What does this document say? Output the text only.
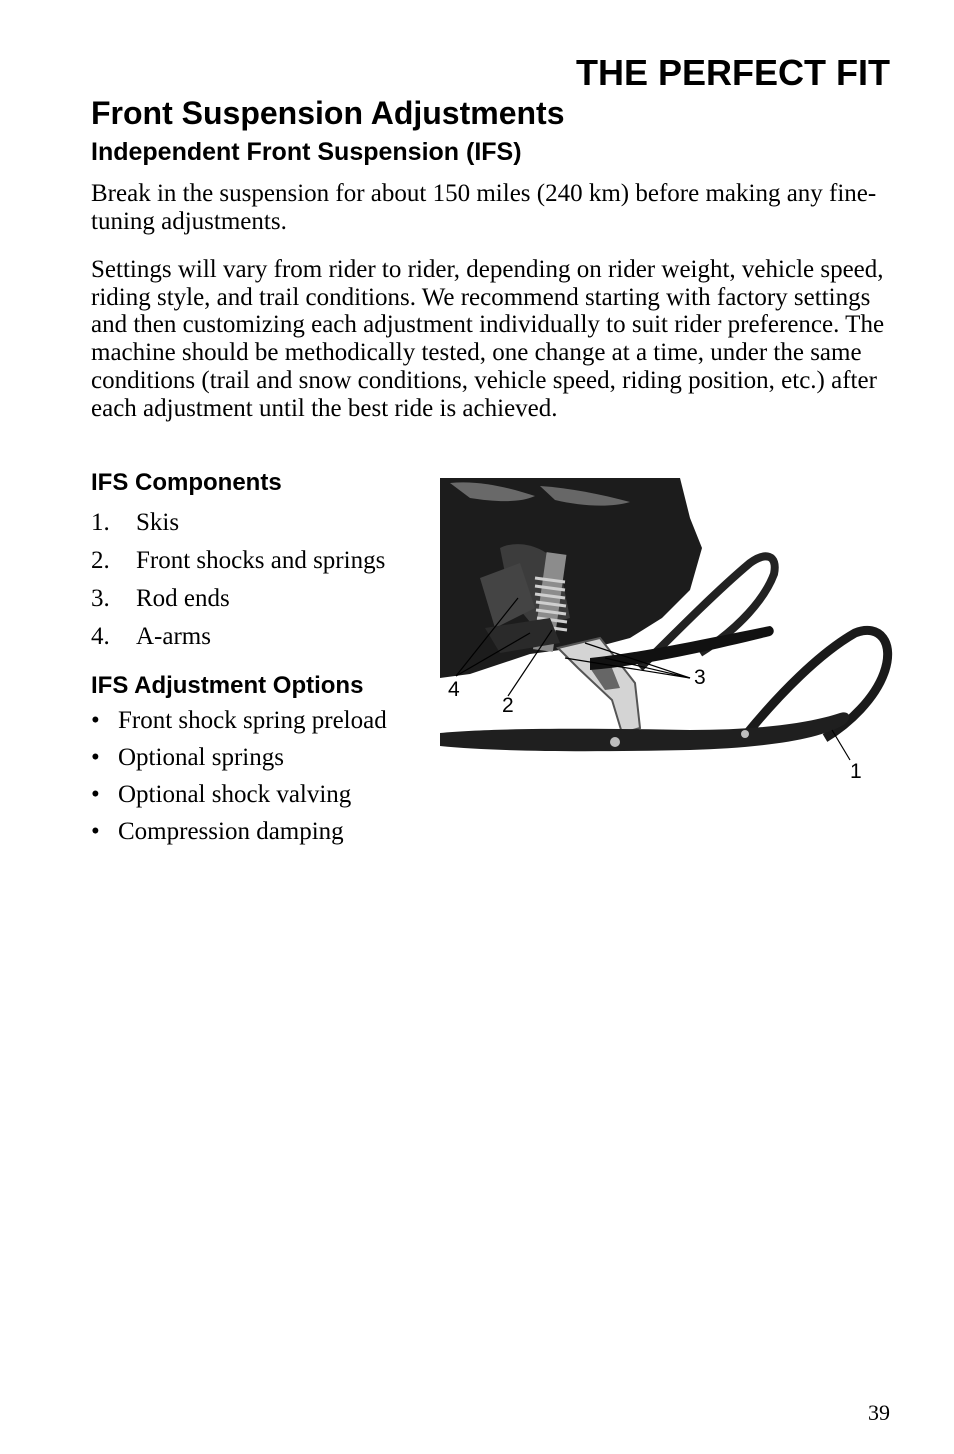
THE PERFECT FIT
Front Suspension Adjustments
Independent Front Suspension (IFS)

Break in the suspension for about 150 miles (240 km) before making any fine-tuning adjustments.

Settings will vary from rider to rider, depending on rider weight, vehicle speed, riding style, and trail conditions. We recommend starting with factory settings and then customizing each adjustment individually to suit rider preference. The machine should be methodically tested, one change at a time, under the same conditions (trail and snow conditions, vehicle speed, riding position, etc.) after each adjustment until the best ride is achieved.

IFS Components
1. Skis
2. Front shocks and springs
3. Rod ends
4. A-arms
IFS Adjustment Options
• Front shock spring preload
• Optional springs
• Optional shock valving
• Compression damping
1
2
3
4

39
